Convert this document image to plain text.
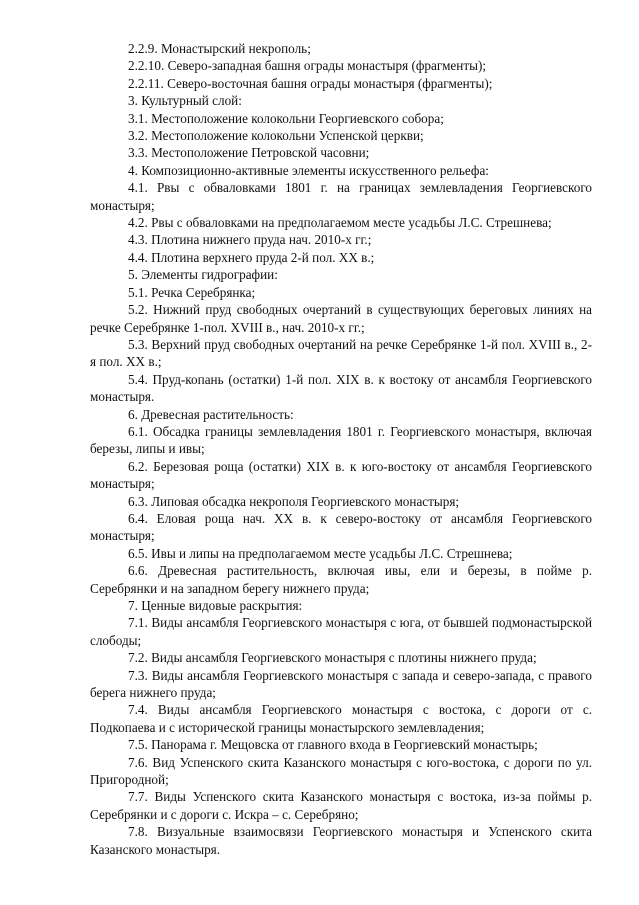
2.2.9. Монастырский некрополь;

2.2.10. Северо-западная башня ограды монастыря (фрагменты);

2.2.11. Северо-восточная башня ограды монастыря (фрагменты);

3. Культурный слой:

3.1. Местоположение колокольни Георгиевского собора;

3.2. Местоположение колокольни Успенской церкви;

3.3. Местоположение Петровской часовни;

4. Композиционно-активные элементы искусственного рельефа:

4.1. Рвы с обваловками 1801 г. на границах землевладения Георгиевского монастыря;

4.2. Рвы с обваловками на предполагаемом месте усадьбы Л.С. Стрешнева;

4.3. Плотина нижнего пруда нач. 2010-х гг.;

4.4. Плотина верхнего пруда 2-й пол. XX в.;

5. Элементы гидрографии:

5.1. Речка Серебрянка;

5.2. Нижний пруд свободных очертаний в существующих береговых линиях на речке Серебрянке 1-пол. XVIII в., нач. 2010-х гг.;

5.3. Верхний пруд свободных очертаний на речке Серебрянке 1-й пол. XVIII в., 2-я пол. XX в.;

5.4. Пруд-копань (остатки) 1-й пол. XIX в. к востоку от ансамбля Георгиевского монастыря.

6. Древесная растительность:

6.1. Обсадка границы землевладения 1801 г. Георгиевского монастыря, включая березы, липы и ивы;

6.2. Березовая роща (остатки) XIX в. к юго-востоку от ансамбля Георгиевского монастыря;

6.3. Липовая обсадка некрополя Георгиевского монастыря;

6.4. Еловая роща нач. XX в. к северо-востоку от ансамбля Георгиевского монастыря;

6.5. Ивы и липы на предполагаемом месте усадьбы Л.С. Стрешнева;

6.6. Древесная растительность, включая ивы, ели и березы, в пойме р. Серебрянки и на западном берегу нижнего пруда;

7. Ценные видовые раскрытия:

7.1. Виды ансамбля Георгиевского монастыря с юга, от бывшей подмонастырской слободы;

7.2. Виды ансамбля Георгиевского монастыря с плотины нижнего пруда;

7.3. Виды ансамбля Георгиевского монастыря с запада и северо-запада, с правого берега нижнего пруда;

7.4. Виды ансамбля Георгиевского монастыря с востока, с дороги от с. Подкопаева и с исторической границы монастырского землевладения;

7.5. Панорама г. Мещовска от главного входа в Георгиевский монастырь;

7.6. Вид Успенского скита Казанского монастыря с юго-востока, с дороги по ул. Пригородной;

7.7. Виды Успенского скита Казанского монастыря с востока, из-за поймы р. Серебрянки и с дороги с. Искра – с. Серебряно;

7.8. Визуальные взаимосвязи Георгиевского монастыря и Успенского скита Казанского монастыря.
